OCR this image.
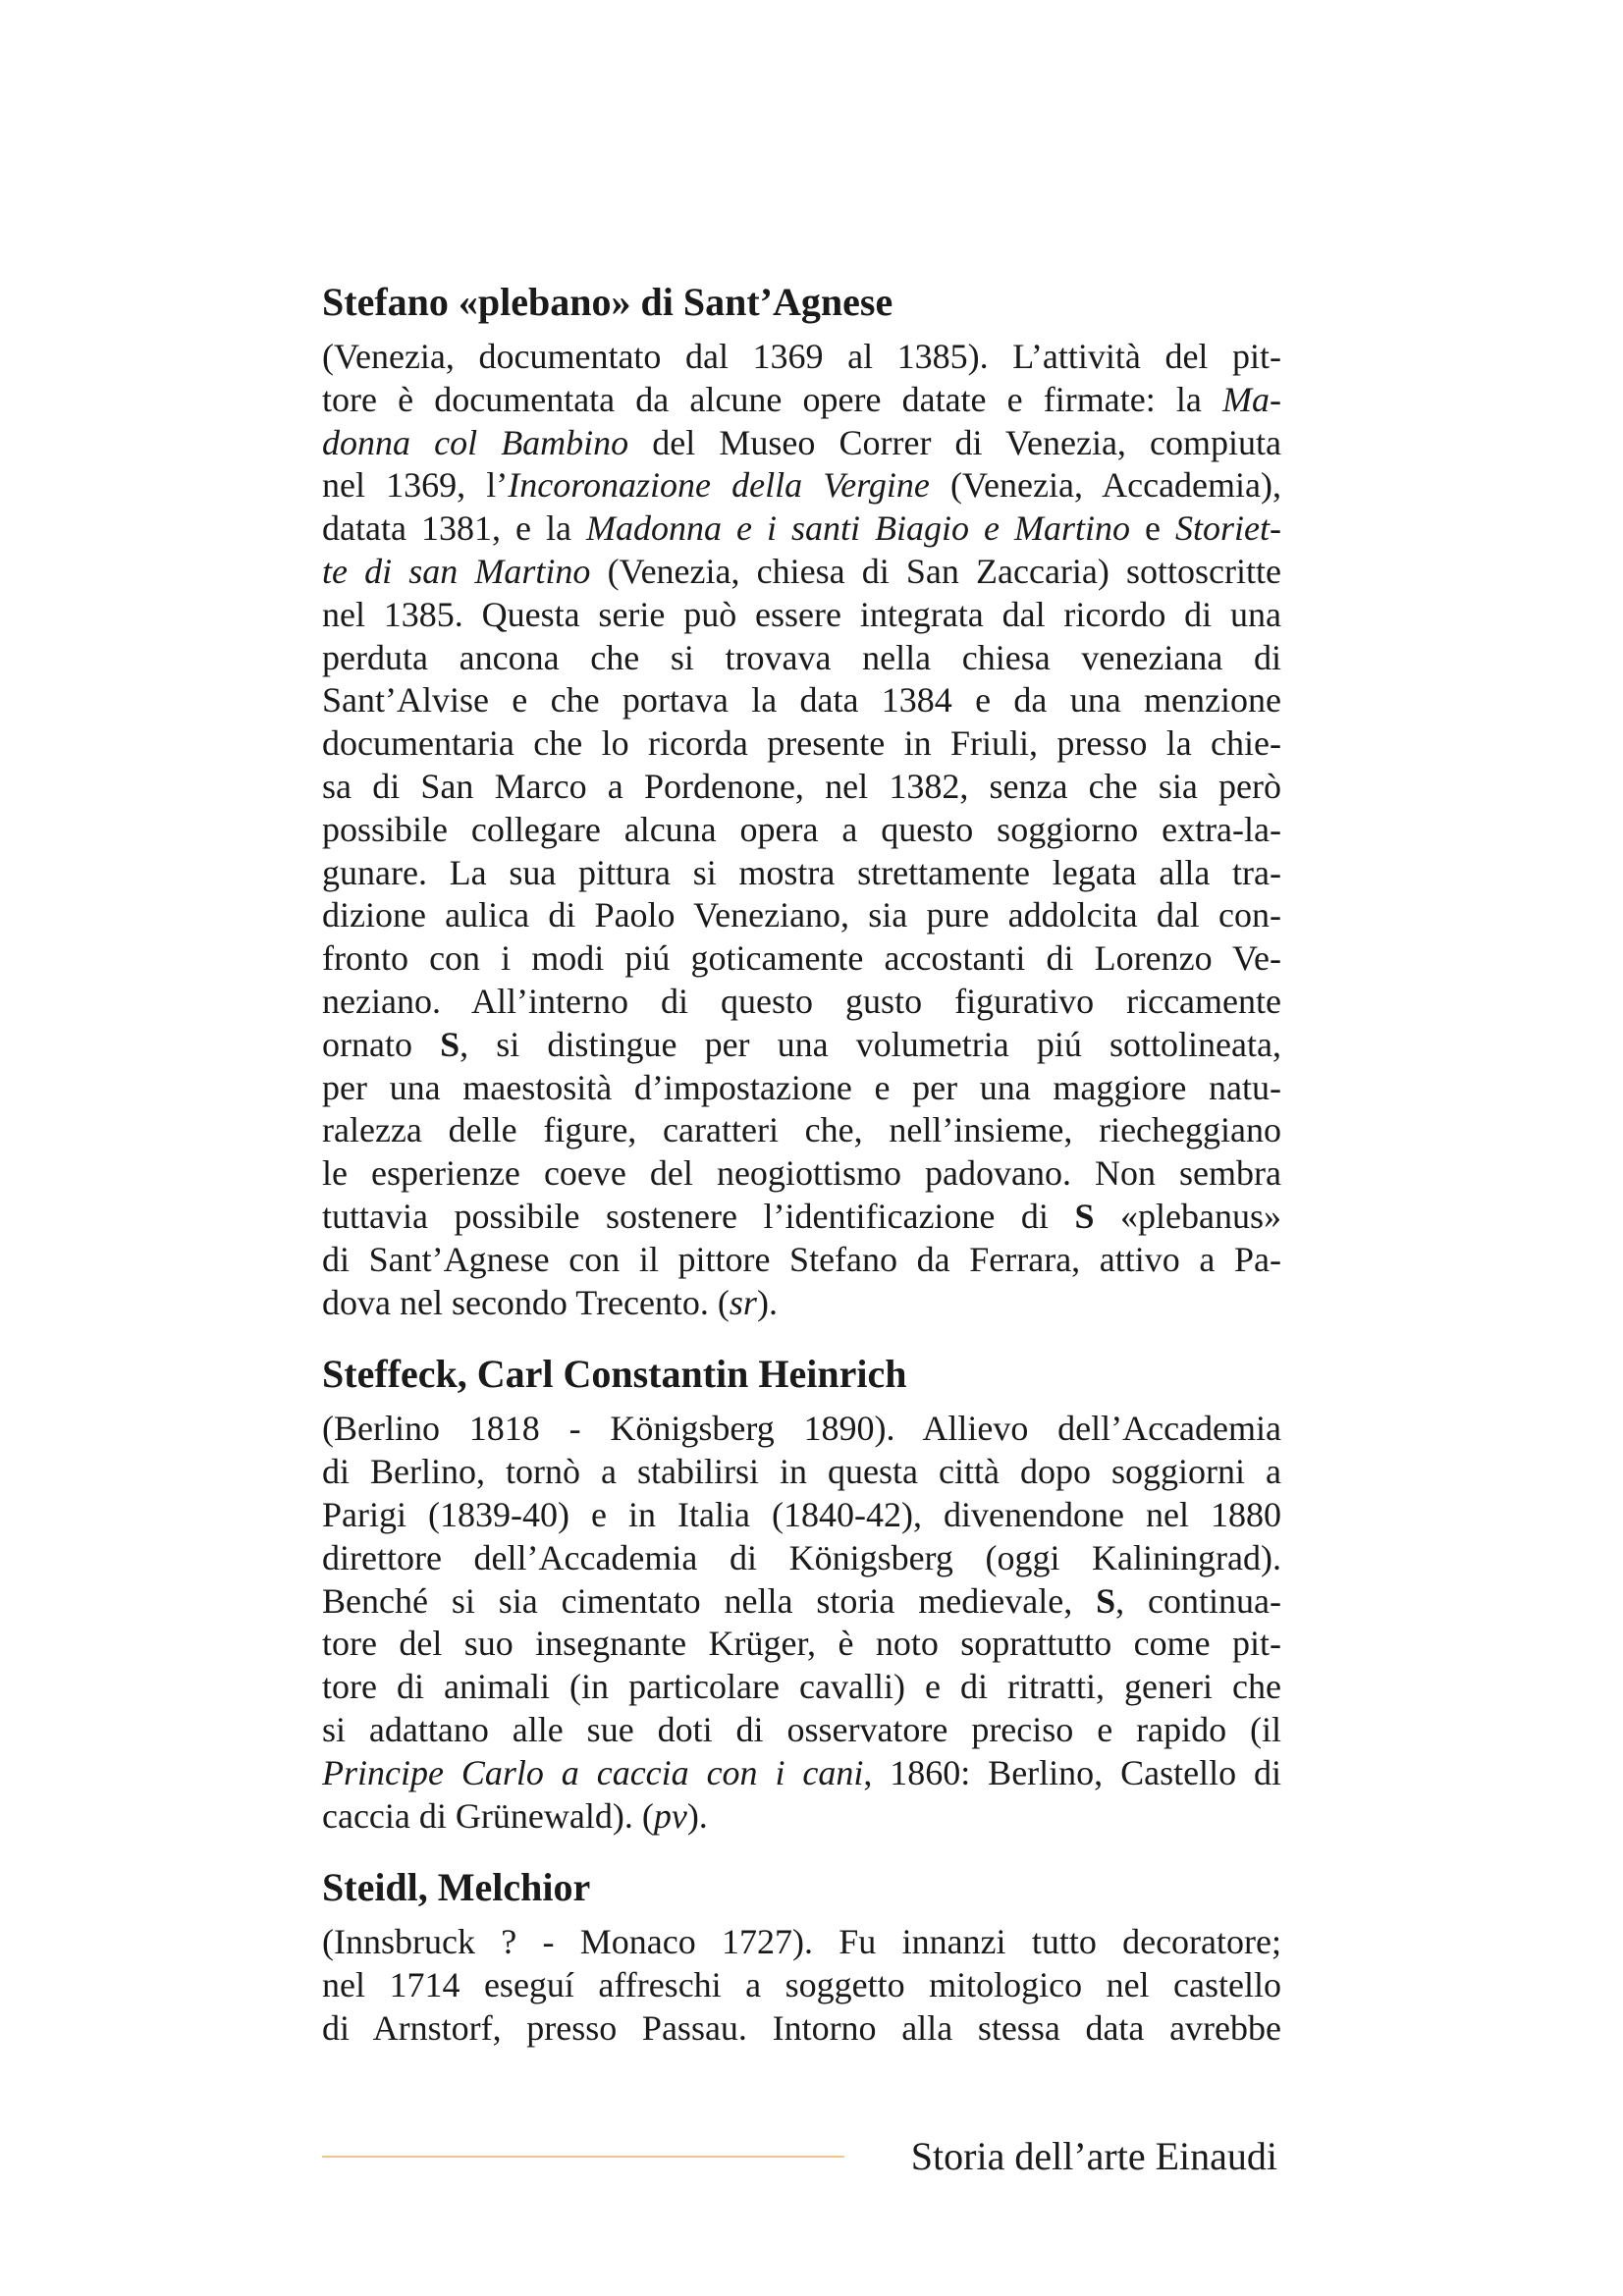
Stefano «plebano» di Sant’Agnese
(Venezia, documentato dal 1369 al 1385). L’attività del pit-
tore è documentata da alcune opere datate e firmate: la Ma-
donna col Bambino del Museo Correr di Venezia, compiuta
nel 1369, l’Incoronazione della Vergine (Venezia, Accademia),
datata 1381, e la Madonna e i santi Biagio e Martino e Storiet-
te di san Martino (Venezia, chiesa di San Zaccaria) sottoscritte
nel 1385. Questa serie può essere integrata dal ricordo di una
perduta ancona che si trovava nella chiesa veneziana di
Sant’Alvise e che portava la data 1384 e da una menzione
documentaria che lo ricorda presente in Friuli, presso la chie-
sa di San Marco a Pordenone, nel 1382, senza che sia però
possibile collegare alcuna opera a questo soggiorno extra-la-
gunare. La sua pittura si mostra strettamente legata alla tra-
dizione aulica di Paolo Veneziano, sia pure addolcita dal con-
fronto con i modi piú goticamente accostanti di Lorenzo Ve-
neziano. All’interno di questo gusto figurativo riccamente
ornato S, si distingue per una volumetria piú sottolineata,
per una maestosità d’impostazione e per una maggiore natu-
ralezza delle figure, caratteri che, nell’insieme, riecheggiano
le esperienze coeve del neogiottismo padovano. Non sembra
tuttavia possibile sostenere l’identificazione di S «plebanus»
di Sant’Agnese con il pittore Stefano da Ferrara, attivo a Pa-
dova nel secondo Trecento. (sr).
Steffeck, Carl Constantin Heinrich
(Berlino 1818 - Königsberg 1890). Allievo dell’Accademia
di Berlino, tornò a stabilirsi in questa città dopo soggiorni a
Parigi (1839-40) e in Italia (1840-42), divenendone nel 1880
direttore dell’Accademia di Königsberg (oggi Kaliningrad).
Benché si sia cimentato nella storia medievale, S, continua-
tore del suo insegnante Krüger, è noto soprattutto come pit-
tore di animali (in particolare cavalli) e di ritratti, generi che
si adattano alle sue doti di osservatore preciso e rapido (il
Principe Carlo a caccia con i cani, 1860: Berlino, Castello di
caccia di Grünewald). (pv).
Steidl, Melchior
(Innsbruck ? - Monaco 1727). Fu innanzi tutto decoratore;
nel 1714 eseguí affreschi a soggetto mitologico nel castello
di Arnstorf, presso Passau. Intorno alla stessa data avrebbe
Storia dell’arte Einaudi
